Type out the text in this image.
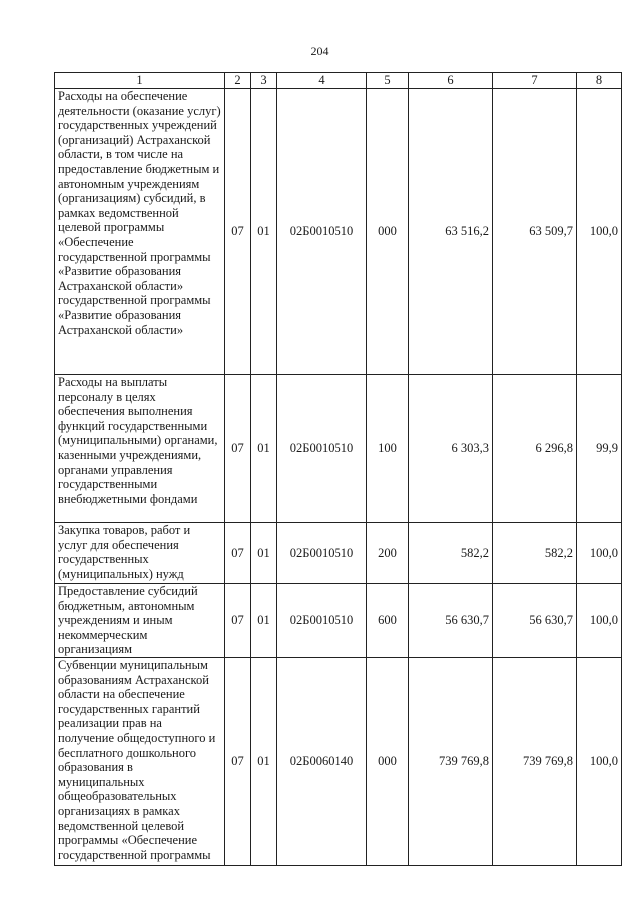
204
1	2	3	4	5	6	7	8
Расходы на обеспечение деятельности (оказание услуг) государственных учреждений (организаций) Астраханской области, в том числе на предоставление бюджетным и автономным учреждениям (организациям) субсидий, в рамках ведомственной целевой программы «Обеспечение государственной программы «Развитие образования Астраханской области» государственной программы «Развитие образования Астраханской области»	07	01	02Б0010510	000	63 516,2	63 509,7	100,0
Расходы на выплаты персоналу в целях обеспечения выполнения функций государственными (муниципальными) органами, казенными учреждениями, органами управления государственными внебюджетными фондами	07	01	02Б0010510	100	6 303,3	6 296,8	99,9
Закупка товаров, работ и услуг для обеспечения государственных (муниципальных) нужд	07	01	02Б0010510	200	582,2	582,2	100,0
Предоставление субсидий бюджетным, автономным учреждениям и иным некоммерческим организациям	07	01	02Б0010510	600	56 630,7	56 630,7	100,0
Субвенции муниципальным образованиям Астраханской области на обеспечение государственных гарантий реализации прав на получение общедоступного и бесплатного дошкольного образования в муниципальных общеобразовательных организациях в рамках ведомственной целевой программы «Обеспечение государственной программы	07	01	02Б0060140	000	739 769,8	739 769,8	100,0
